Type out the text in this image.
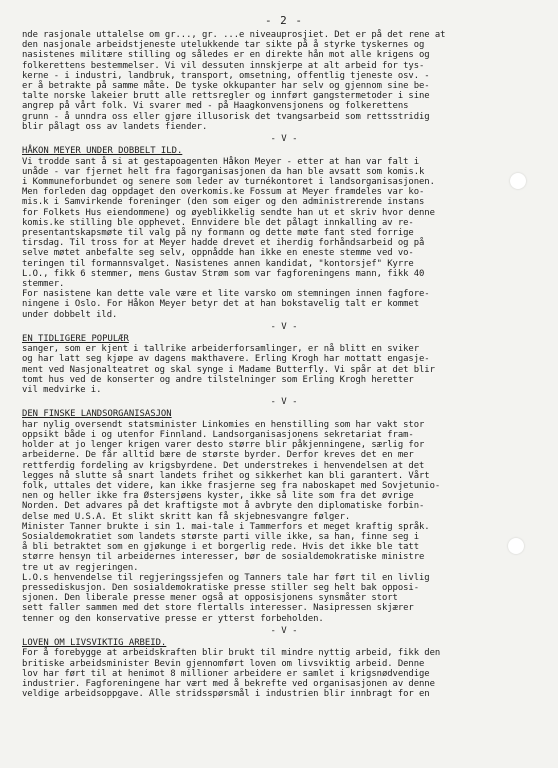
- 2 -

nde rasjonale uttalelse om gr..., gr. ...e niveauprosjiet. Det er på det rene at

den nasjonale arbeidstjeneste utelukkende tar sikte på å styrke tyskernes og

nasistenes militære stilling og således er en direkte hån mot alle krigens og

folkerettens bestemmelser. Vi vil dessuten innskjerpe at alt arbeid for tys-

kerne - i industri, landbruk, transport, omsetning, offentlig tjeneste osv. -

er å betrakte på samme måte. De tyske okkupanter har selv og gjennom sine be-

talte norske lakeier brutt alle rettsregler og innført gangstermetoder i sine

angrep på vårt folk. Vi svarer med - på Haagkonvensjonens og folkerettens

grunn - å unndra oss eller gjøre illusorisk det tvangsarbeid som rettsstridig

blir pålagt oss av landets fiender.

- V -
HÅKON MEYER UNDER DOBBELT ILD.

Vi trodde sant å si at gestapoagenten Håkon Meyer - etter at han var falt i

unåde - var fjernet helt fra fagorganisasjonen da han ble avsatt som komis.k

i Kommuneforbundet og senere som leder av turnékontoret i landsorganisasjonen.

Men forleden dag oppdaget den overkomis.ke Fossum at Meyer framdeles var ko-

mis.k i Samvirkende foreninger (den som eiger og den administrerende instans

for Folkets Hus eiendommene) og øyeblikkelig sendte han ut et skriv hvor denne

komis.ke stilling ble opphevet. Ennvidere ble det pålagt innkalling av re-

presentantskapsmøte til valg på ny formann og dette møte fant sted forrige

tirsdag. Til tross for at Meyer hadde drevet et iherdig forhåndsarbeid og på

selve møtet anbefalte seg selv, oppnådde han ikke en eneste stemme ved vo-

teringen til formannsvalget. Nasistenes annen kandidat, "kontorsjef" Kyrre

L.O., fikk 6 stemmer, mens Gustav Strøm som var fagforeningens mann, fikk 40

stemmer.

For nasistene kan dette vale være et lite varsko om stemningen innen fagfore-

ningene i Oslo. For Håkon Meyer betyr det at han bokstavelig talt er kommet

under dobbelt ild.

- V -
EN TIDLIGERE POPULÆR

sanger, som er kjent i tallrike arbeiderforsamlinger, er nå blitt en sviker

og har latt seg kjøpe av dagens makthavere. Erling Krogh har mottatt engasje-

ment ved Nasjonalteatret og skal synge i Madame Butterfly. Vi spår at det blir

tomt hus ved de konserter og andre tilstelninger som Erling Krogh heretter

vil medvirke i.

- V -
DEN FINSKE LANDSORGANISASJON

har nylig oversendt statsminister Linkomies en henstilling som har vakt stor

oppsikt både i og utenfor Finnland. Landsorganisasjonens sekretariat fram-

holder at jo lenger krigen varer desto større blir påkjenningene, særlig for

arbeiderne. De får alltid bære de største byrder. Derfor kreves det en mer

rettferdig fordeling av krigsbyrdene. Det understrekes i henvendelsen at det

legges nå slutte så snart landets frihet og sikkerhet kan bli garantert. Vårt

folk, uttales det videre, kan ikke frasjerne seg fra naboskapet med Sovjetunio-

nen og heller ikke fra Østersjøens kyster, ikke så lite som fra det øvrige

Norden. Det advares på det kraftigste mot å avbryte den diplomatiske forbin-

delse med U.S.A. Et slikt skritt kan få skjebnesvangre følger.

Minister Tanner brukte i sin 1. mai-tale i Tammerfors et meget kraftig språk.

Sosialdemokratiet som landets største parti ville ikke, sa han, finne seg i

å bli betraktet som en gjøkunge i et borgerlig rede. Hvis det ikke ble tatt

større hensyn til arbeidernes interesser, bør de sosialdemokratiske ministre

tre ut av regjeringen.

L.O.s henvendelse til regjeringssjefen og Tanners tale har ført til en livlig

pressediskusjon. Den sosialdemokratiske presse stiller seg helt bak opposi-

sjonen. Den liberale presse mener også at opposisjonens synsmåter stort

sett faller sammen med det store flertalls interesser. Nasipressen skjærer

tenner og den konservative presse er ytterst forbeholden.

- V -
LOVEN OM LIVSVIKTIG ARBEID.

For å forebygge at arbeidskraften blir brukt til mindre nyttig arbeid, fikk den

britiske arbeidsminister Bevin gjennomført loven om livsviktig arbeid. Denne

lov har ført til at henimot 8 millioner arbeidere er samlet i krigsnødvendige

industrier. Fagforeningene har vært med å bekrefte ved organisasjonen av denne

veldige arbeidsoppgave. Alle stridsspørsmål i industrien blir innbragt for en
